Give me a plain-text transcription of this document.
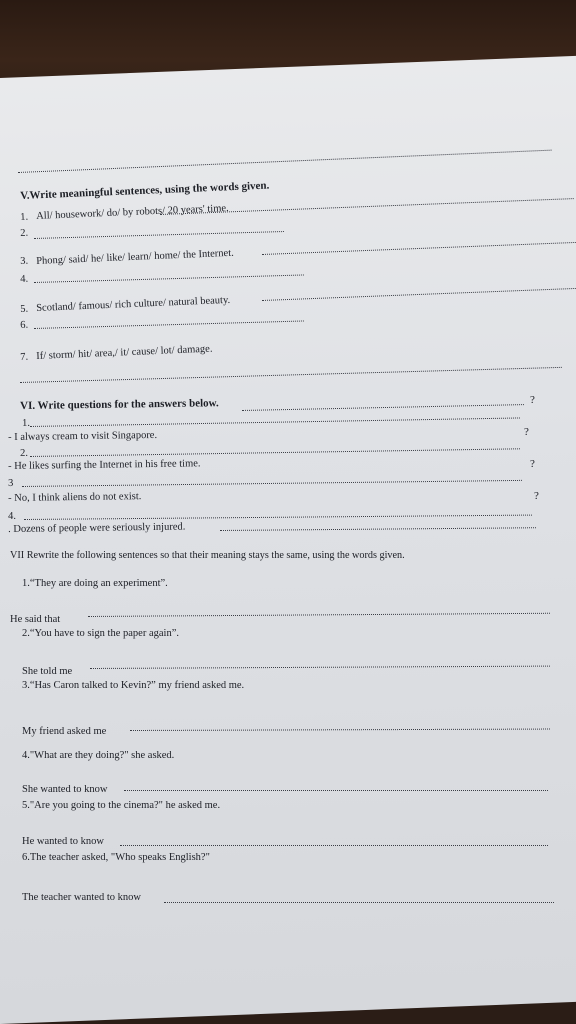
V.Write meaningful sentences, using the words given.
1. All/ housework/ do/ by robots/ 20 years' time.
2.
3. Phong/ said/ he/ like/ learn/ home/ the Internet.
4.
5. Scotland/ famous/ rich culture/ natural beauty.
6.
7. If/ storm/ hit/ area,/ it/ cause/ lot/ damage.
VI. Write questions for the answers below.	?
1.
?
- I always cream to visit Singapore.
2.
- He likes surfing the Internet in his free time.	?
3
- No, I think aliens do not exist.	?
4.
. Dozens of people were seriously injured.
VII Rewrite the following sentences so that their meaning stays the same, using the words given.
1.“They are doing an experiment”.
He said that
2.“You have to sign the paper again”.
She told me
3.“Has Caron talked to Kevin?” my friend asked me.
My friend asked me
4."What are they doing?" she asked.
She wanted to know
5."Are you going to the cinema?" he asked me.
He wanted to know
6.The teacher asked, "Who speaks English?"
The teacher wanted to know
